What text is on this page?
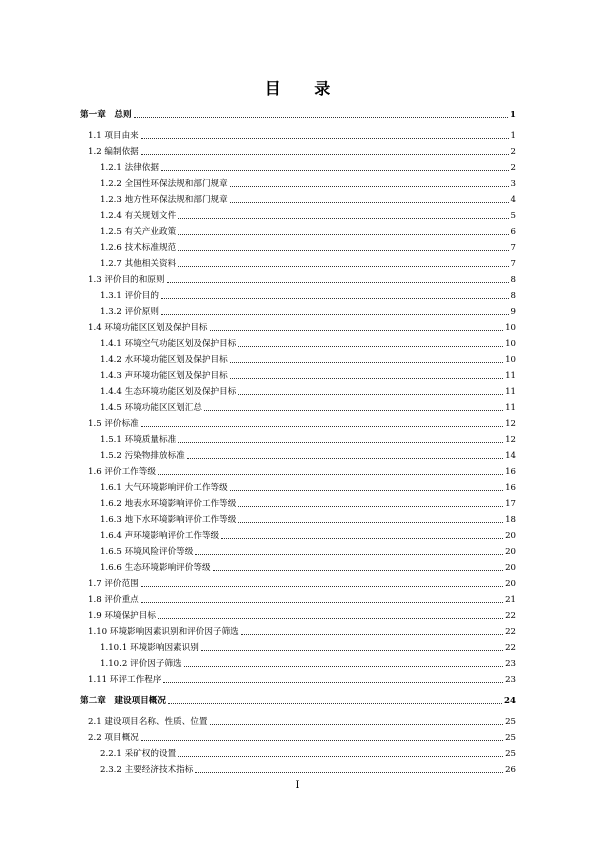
目 录
第一章　总则	1
1.1 项目由来	1
1.2 编制依据	2
1.2.1 法律依据	2
1.2.2 全国性环保法规和部门规章	3
1.2.3 地方性环保法规和部门规章	4
1.2.4 有关规划文件	5
1.2.5 有关产业政策	6
1.2.6 技术标准规范	7
1.2.7 其他相关资料	7
1.3 评价目的和原则	8
1.3.1 评价目的	8
1.3.2 评价原则	9
1.4 环境功能区区划及保护目标	10
1.4.1 环境空气功能区划及保护目标	10
1.4.2 水环境功能区划及保护目标	10
1.4.3 声环境功能区划及保护目标	11
1.4.4 生态环境功能区划及保护目标	11
1.4.5 环境功能区区划汇总	11
1.5 评价标准	12
1.5.1 环境质量标准	12
1.5.2 污染物排放标准	14
1.6 评价工作等级	16
1.6.1 大气环境影响评价工作等级	16
1.6.2 地表水环境影响评价工作等级	17
1.6.3 地下水环境影响评价工作等级	18
1.6.4 声环境影响评价工作等级	20
1.6.5 环境风险评价等级	20
1.6.6 生态环境影响评价等级	20
1.7 评价范围	20
1.8 评价重点	21
1.9 环境保护目标	22
1.10 环境影响因素识别和评价因子筛选	22
1.10.1 环境影响因素识别	22
1.10.2 评价因子筛选	23
1.11 环评工作程序	23
第二章　建设项目概况	24
2.1 建设项目名称、性质、位置	25
2.2 项目概况	25
2.2.1 采矿权的设置	25
2.3.2 主要经济技术指标	26
I
